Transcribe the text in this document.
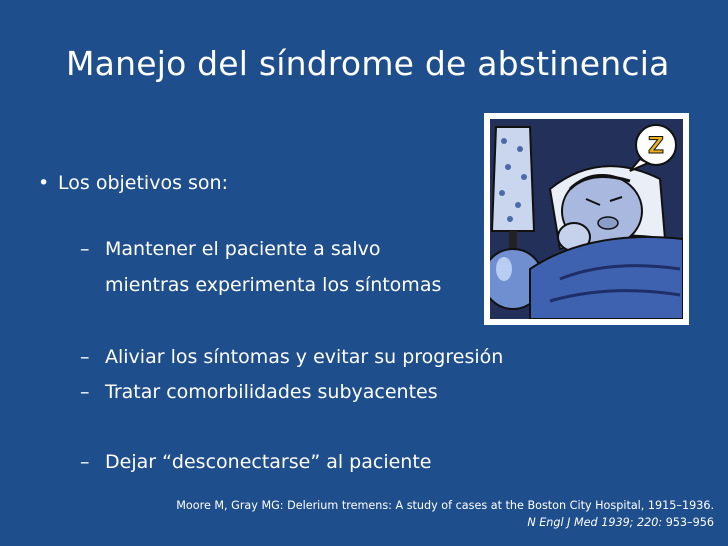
Manejo del síndrome de abstinencia
• Los objetivos son:
– Mantener el paciente a salvo
mientras experimenta los síntomas
– Aliviar los síntomas y evitar su progresión
– Tratar comorbilidades subyacentes
– Dejar “desconectarse” al paciente
Moore M, Gray MG: Delerium tremens: A study of cases at the Boston City Hospital, 1915–1936.
N Engl J Med 1939; 220: 953–956
Z
